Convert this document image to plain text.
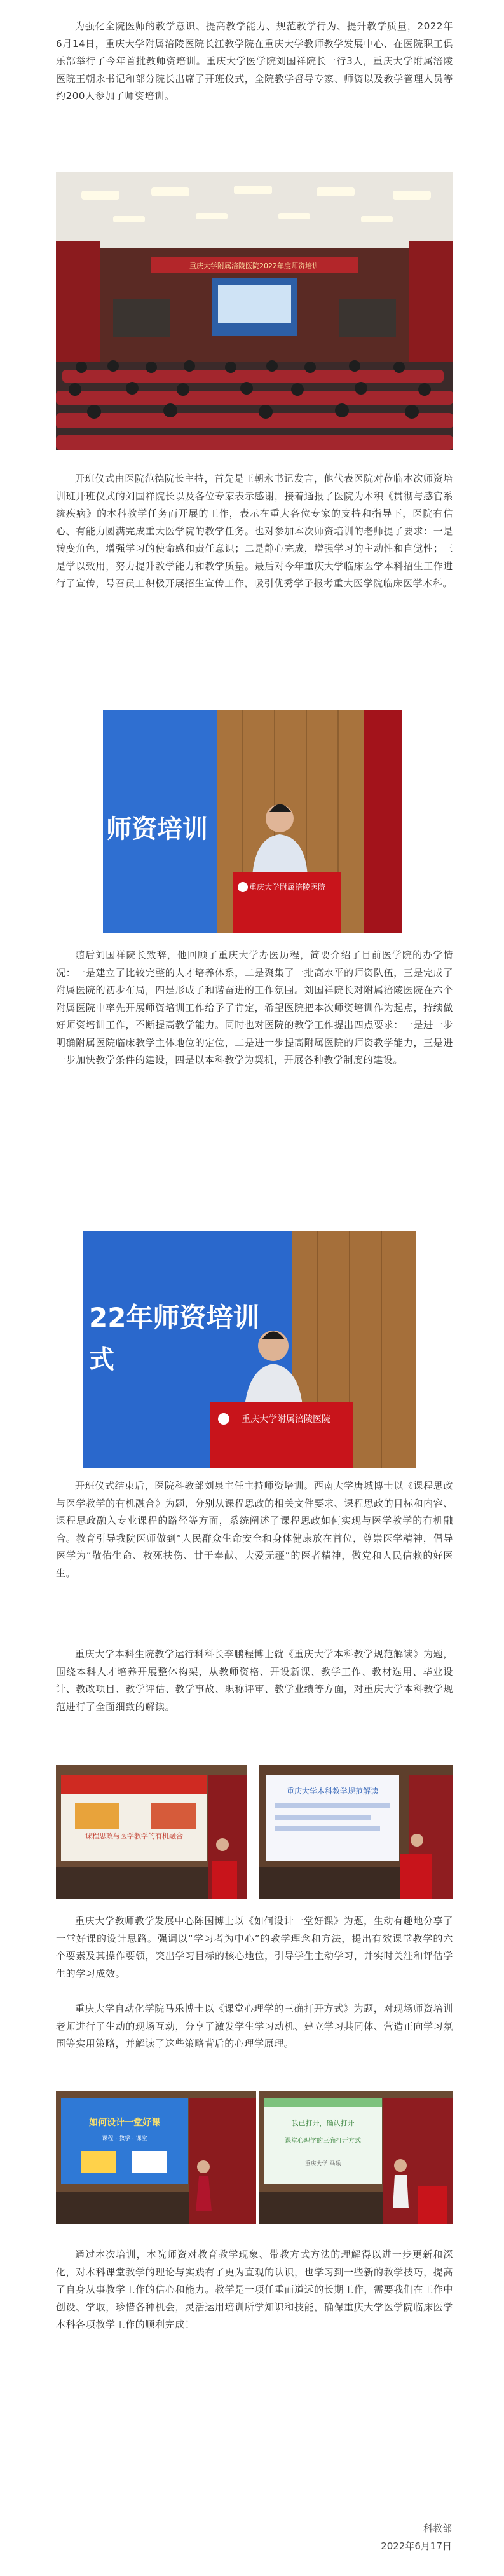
为强化全院医师的教学意识、提高教学能力、规范教学行为、提升教学质量，2022年6月14日，重庆大学附属涪陵医院长江教学院在重庆大学教师教学发展中心、在医院职工俱乐部举行了今年首批教师资培训。重庆大学医学院刘国祥院长一行3人，重庆大学附属涪陵医院王朝永书记和部分院长出席了开班仪式，全院教学督导专家、师资以及教学管理人员等约200人参加了师资培训。

重庆大学附属涪陵医院2022年度师资培训

开班仪式由医院范德院长主持，首先是王朝永书记发言，他代表医院对莅临本次师资培训班开班仪式的刘国祥院长以及各位专家表示感谢，接着通报了医院为本积《贯彻与感官系统疾病》的本科教学任务而开展的工作，表示在重大各位专家的支持和指导下，医院有信心、有能力圆满完成重大医学院的教学任务。也对参加本次师资培训的老师提了要求：一是转变角色，增强学习的使命感和责任意识；二是静心完成，增强学习的主动性和自觉性；三是学以致用，努力提升教学能力和教学质量。最后对今年重庆大学临床医学本科招生工作进行了宣传，号召员工积极开展招生宣传工作，吸引优秀学子报考重大医学院临床医学本科。

师资培训
重庆大学附属涪陵医院

随后刘国祥院长致辞，他回顾了重庆大学办医历程，简要介绍了目前医学院的办学情况：一是建立了比较完整的人才培养体系，二是聚集了一批高水平的师资队伍，三是完成了附属医院的初步布局，四是形成了和谐奋进的工作氛围。刘国祥院长对附属涪陵医院在六个附属医院中率先开展师资培训工作给予了肯定，希望医院把本次师资培训作为起点，持续做好师资培训工作，不断提高教学能力。同时也对医院的教学工作提出四点要求：一是进一步明确附属医院临床教学主体地位的定位，二是进一步提高附属医院的师资教学能力，三是进一步加快教学条件的建设，四是以本科教学为契机，开展各种教学制度的建设。

22年师资培训
式
重庆大学附属涪陵医院

开班仪式结束后，医院科教部刘泉主任主持师资培训。西南大学唐城博士以《课程思政与医学教学的有机融合》为题，分别从课程思政的相关文件要求、课程思政的目标和内容、课程思政融入专业课程的路径等方面，系统阐述了课程思政如何实现与医学教学的有机融合。教育引导我院医师做到“人民群众生命安全和身体健康放在首位，尊崇医学精神，倡导医学为“敬佑生命、救死扶伤、甘于奉献、大爱无疆”的医者精神，做党和人民信赖的好医生。

重庆大学本科生院教学运行科科长李鹏程博士就《重庆大学本科教学规范解读》为题，围绕本科人才培养开展整体构架，从教师资格、开设新课、教学工作、教材选用、毕业设计、教改项目、教学评估、教学事故、职称评审、教学业绩等方面，对重庆大学本科教学规范进行了全面细致的解读。

课程思政与医学教学的有机融合
重庆大学本科教学规范解读

重庆大学教师教学发展中心陈国博士以《如何设计一堂好课》为题，生动有趣地分享了一堂好课的设计思路。强调以“学习者为中心”的教学理念和方法，提出有效课堂教学的六个要素及其操作要领，突出学习目标的核心地位，引导学生主动学习，并实时关注和评估学生的学习成效。

重庆大学自动化学院马乐博士以《课堂心理学的三确打开方式》为题，对现场师资培训老师进行了生动的现场互动，分享了激发学生学习动机、建立学习共同体、营造正向学习氛围等实用策略，并解读了这些策略背后的心理学原理。

如何设计一堂好课
课程 · 教学 · 课堂
我已打开，确认打开
课堂心理学的三确打开方式
重庆大学 马乐

通过本次培训，本院师资对教育教学现象、带教方式方法的理解得以进一步更新和深化，对本科课堂教学的理论与实践有了更为直观的认识，也学习到一些新的教学技巧，提高了自身从事教学工作的信心和能力。教学是一项任重而道远的长期工作，需要我们在工作中创设、学取，珍惜各种机会，灵活运用培训所学知识和技能，确保重庆大学医学院临床医学本科各项教学工作的顺利完成！

科教部
2022年6月17日
